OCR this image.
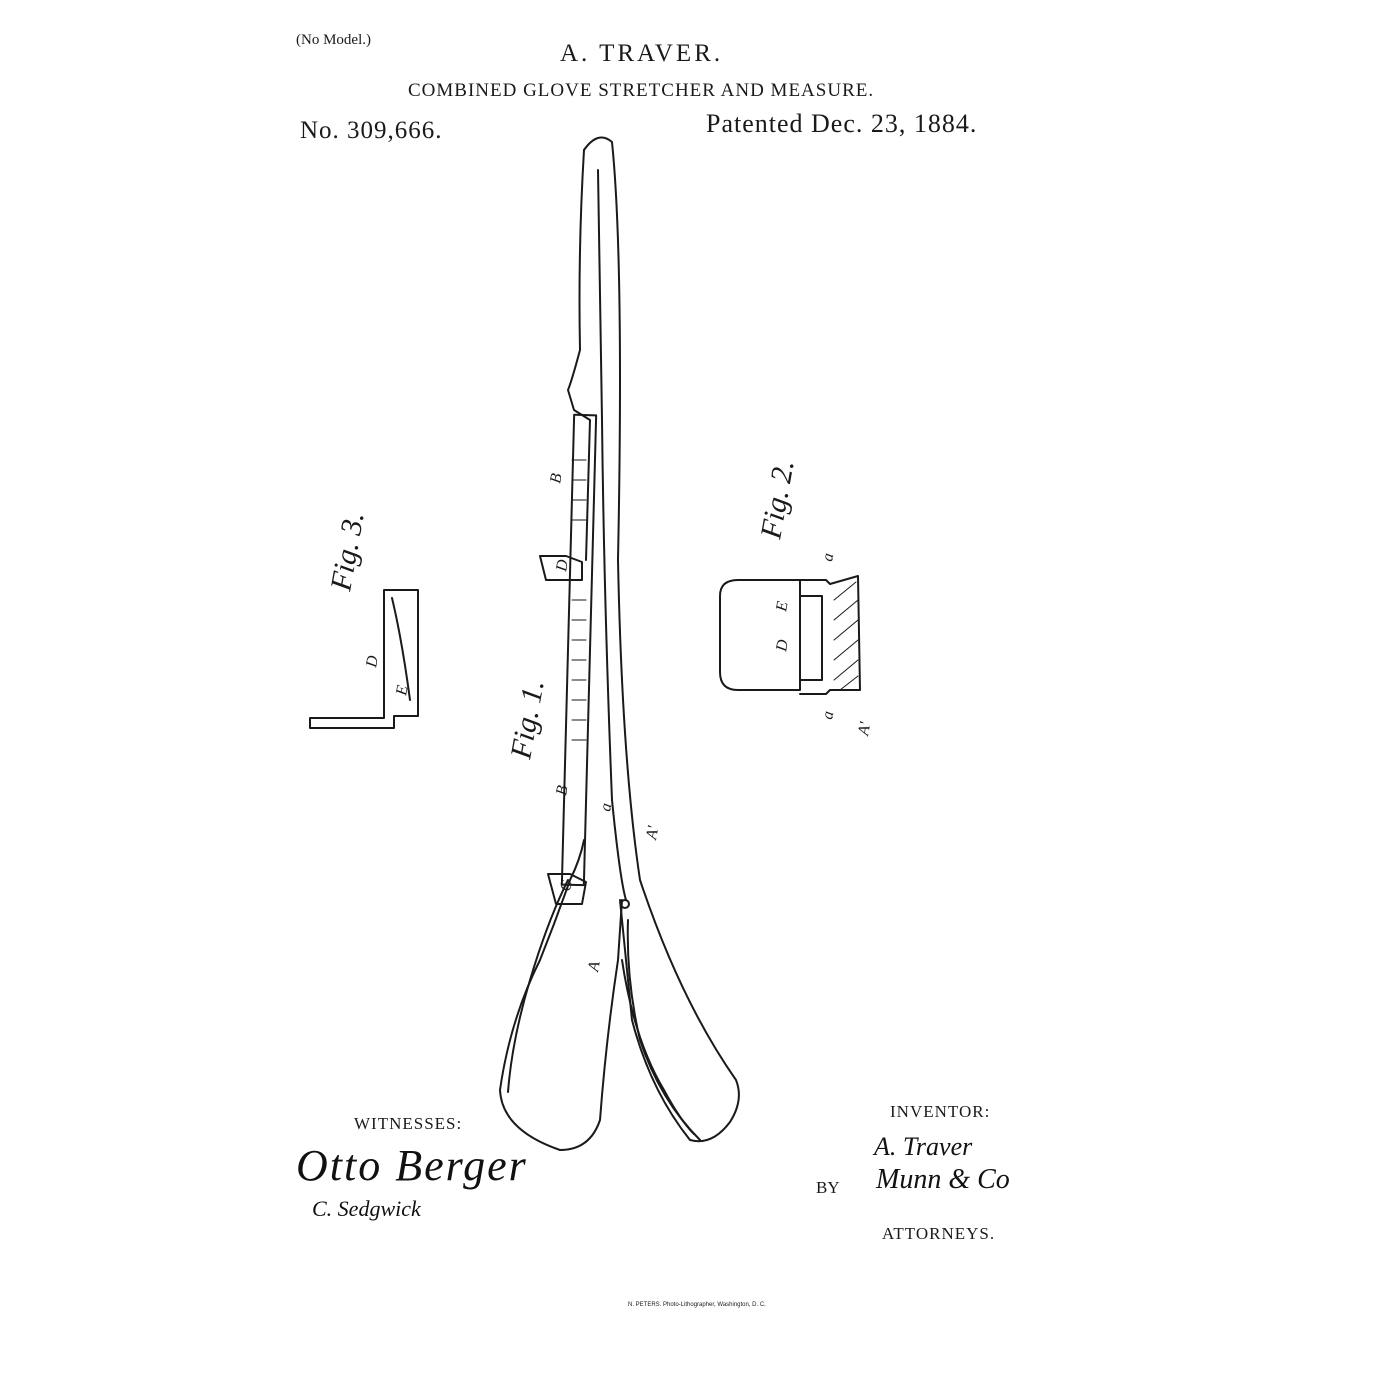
(No Model.)	A. TRAVER.
COMBINED GLOVE STRETCHER AND MEASURE.
No. 309,666.	Patented Dec. 23, 1884.
Fig. 1.
Fig. 2.
Fig. 3.
B
D
B
a
A'
C
A
a
E
D
a
A'
D
E
WITNESSES:
Otto Berger
C. Sedgwick
INVENTOR:
A. Traver
BY Munn & Co
ATTORNEYS.
N. PETERS. Photo-Lithographer, Washington, D. C.
